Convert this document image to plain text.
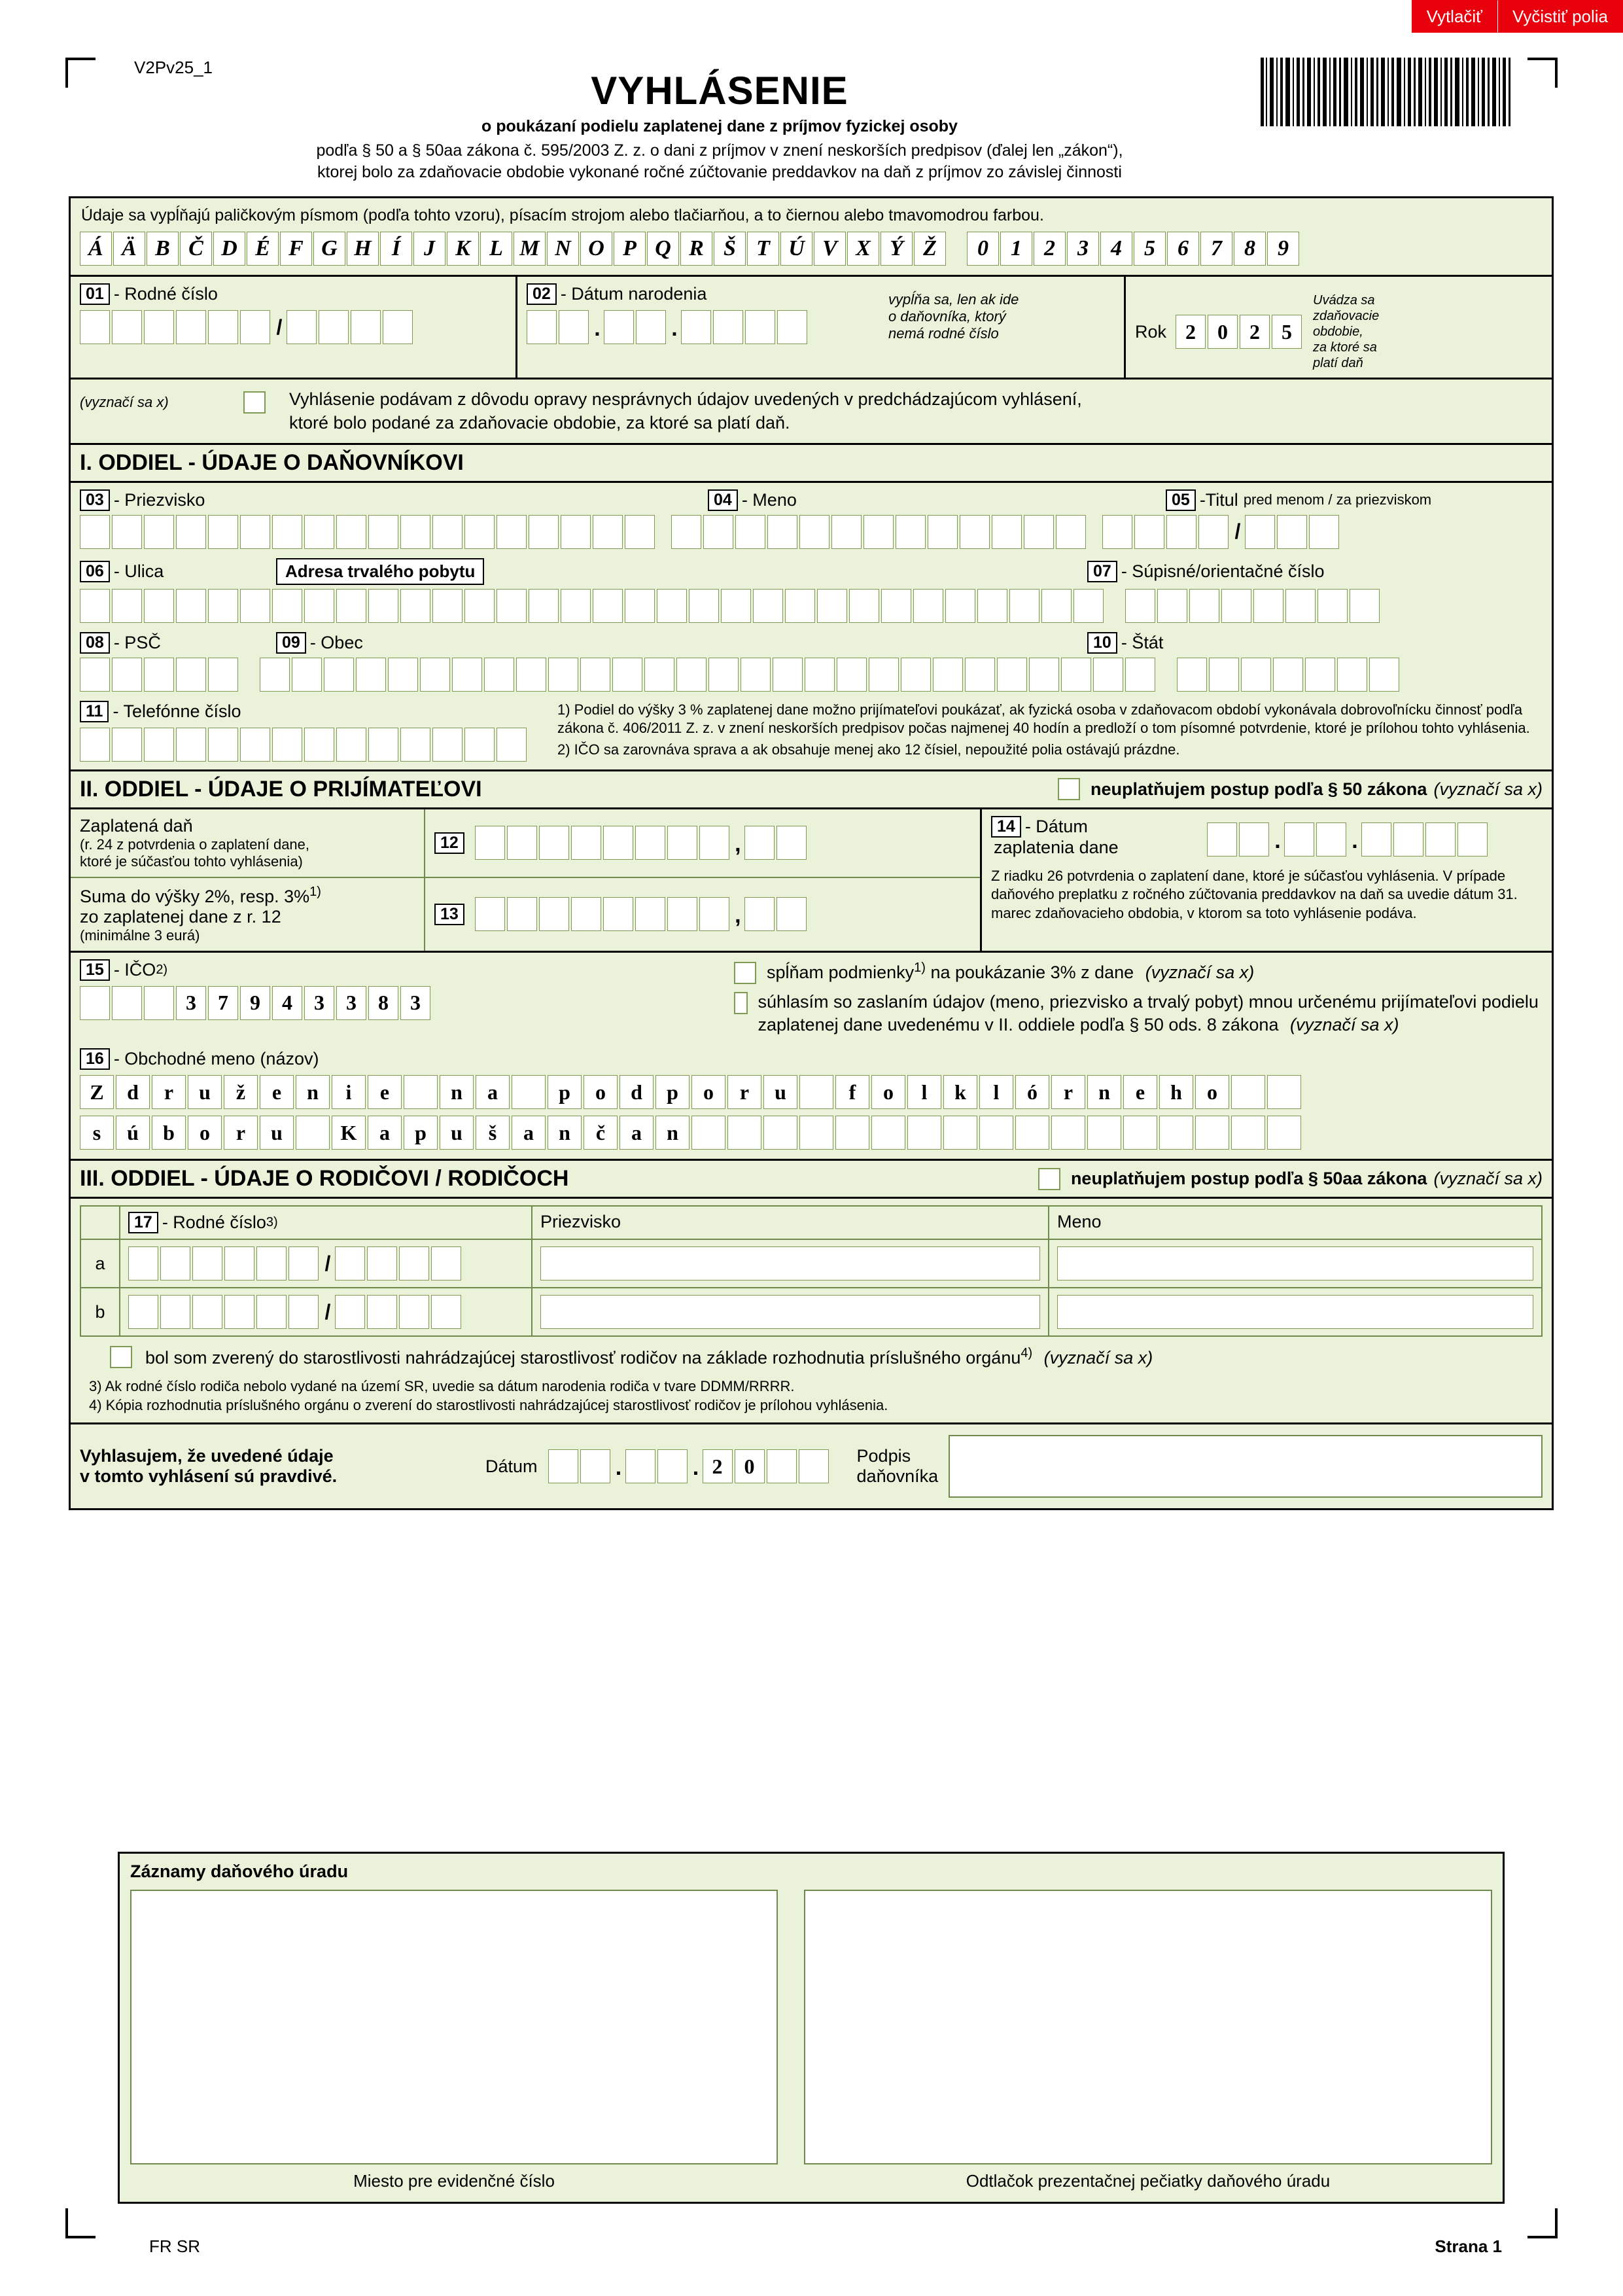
Vytlačiť	Vyčistiť polia
V2Pv25_1
FR SR	Strana 1
VYHLÁSENIE
o poukázaní podielu zaplatenej dane z príjmov fyzickej osoby
podľa § 50 a § 50aa zákona č. 595/2003 Z. z. o dani z príjmov v znení neskorších predpisov (ďalej len „zákon“),
ktorej bolo za zdaňovacie obdobie vykonané ročné zúčtovanie preddavkov na daň z príjmov zo závislej činnosti
Údaje sa vypĺňajú paličkovým písmom (podľa tohto vzoru), písacím strojom alebo tlačiarňou, a to čiernou alebo tmavomodrou farbou.
Á Ä B Č D É F G H Í	J K L M N O P Q R Š T Ú V X Ý Ž	0	1	2	3	4	5	6	7	8	9
01 - Rodné číslo
/
02 - Dátum narodenia
.	.
vypĺňa sa, len ak ide
o daňovníka, ktorý
nemá rodné číslo	Rok 2	0	2	5
Uvádza sa
zdaňovacie
obdobie,
za ktoré sa
platí daň
(vyznačí sa x)	Vyhlásenie podávam z dôvodu opravy nesprávnych údajov uvedených v predchádzajúcom vyhlásení,
ktoré bolo podané za zdaňovacie obdobie, za ktoré sa platí daň.
I. ODDIEL - ÚDAJE O DAŇOVNÍKOVI
03 - Priezvisko	04 - Meno	05 -Titul pred menom / za priezviskom
/
06 - Ulica	Adresa trvalého pobytu	07 - Súpisné/orientačné číslo
08 - PSČ	09 - Obec	10 - Štát
11 - Telefónne číslo	1) Podiel do výšky 3 % zaplatenej dane možno prijímateľovi poukázať, ak fyzická osoba v zdaňovacom období vykonávala dobrovoľnícku činnosť podľa zákona č. 406/2011 Z. z. v znení neskorších predpisov počas najmenej 40 hodín a predloží o tom písomné potvrdenie, ktoré je prílohou tohto vyhlásenia.
2) IČO sa zarovnáva sprava a ak obsahuje menej ako 12 čísiel, nepoužité polia ostávajú prázdne.
II. ODDIEL - ÚDAJE O PRIJÍMATEĽOVI	neuplatňujem postup podľa § 50 zákona (vyznačí sa x)
Zaplatená daň
(r. 24 z potvrdenia o zaplatení dane,
ktoré je súčasťou tohto vyhlásenia)
12	,
Suma do výšky 2%, resp. 3%$^{1)}$
zo zaplatenej dane z r. 12
(minimálne 3 eurá)
13	,
14 - Dátum
zaplatenia dane	.	.
Z riadku 26 potvrdenia o zaplatení dane, ktoré je súčasťou vyhlásenia. V prípade daňového preplatku z ročného zúčtovania preddavkov na daň sa uvedie dátum 31. marec zdaňovacieho obdobia, v ktorom sa toto vyhlásenie podáva.
15 - IČO 2)
3	7	9	4	3	3	8	3
spĺňam podmienky$^{1)}$ na poukázanie 3% z dane (vyznačí sa x)
súhlasím so zaslaním údajov (meno, priezvisko a trvalý pobyt) mnou určenému prijímateľovi podielu zaplatenej dane uvedenému v II. oddiele podľa § 50 ods. 8 zákona (vyznačí sa x)
16 - Obchodné meno (názov)
Z	d	r	u	ž	e	n	i	e	n	a	p	o	d	p	o	r	u	f	o	l	k	l	ó	r	n	e	h	o
s	ú	b	o	r	u	K	a	p	u	š	a	n	č	a	n
III. ODDIEL - ÚDAJE O RODIČOVI / RODIČOCH	neuplatňujem postup podľa § 50aa zákona (vyznačí sa x)
17 - Rodné číslo 3)	Priezvisko	Meno
a	/
b	/
bol som zverený do starostlivosti nahrádzajúcej starostlivosť rodičov na základe rozhodnutia príslušného orgánu$^{4)}$ (vyznačí sa x)
3) Ak rodné číslo rodiča nebolo vydané na území SR, uvedie sa dátum narodenia rodiča v tvare DDMM/RRRR.
4) Kópia rozhodnutia príslušného orgánu o zverení do starostlivosti nahrádzajúcej starostlivosť rodičov je prílohou vyhlásenia.
Vyhlasujem, že uvedené údaje
v tomto vyhlásení sú pravdivé.
Dátum	.	. 2	0	Podpis
daňovníka
Záznamy daňového úradu
Miesto pre evidenčné číslo	Odtlačok prezentačnej pečiatky daňového úradu
